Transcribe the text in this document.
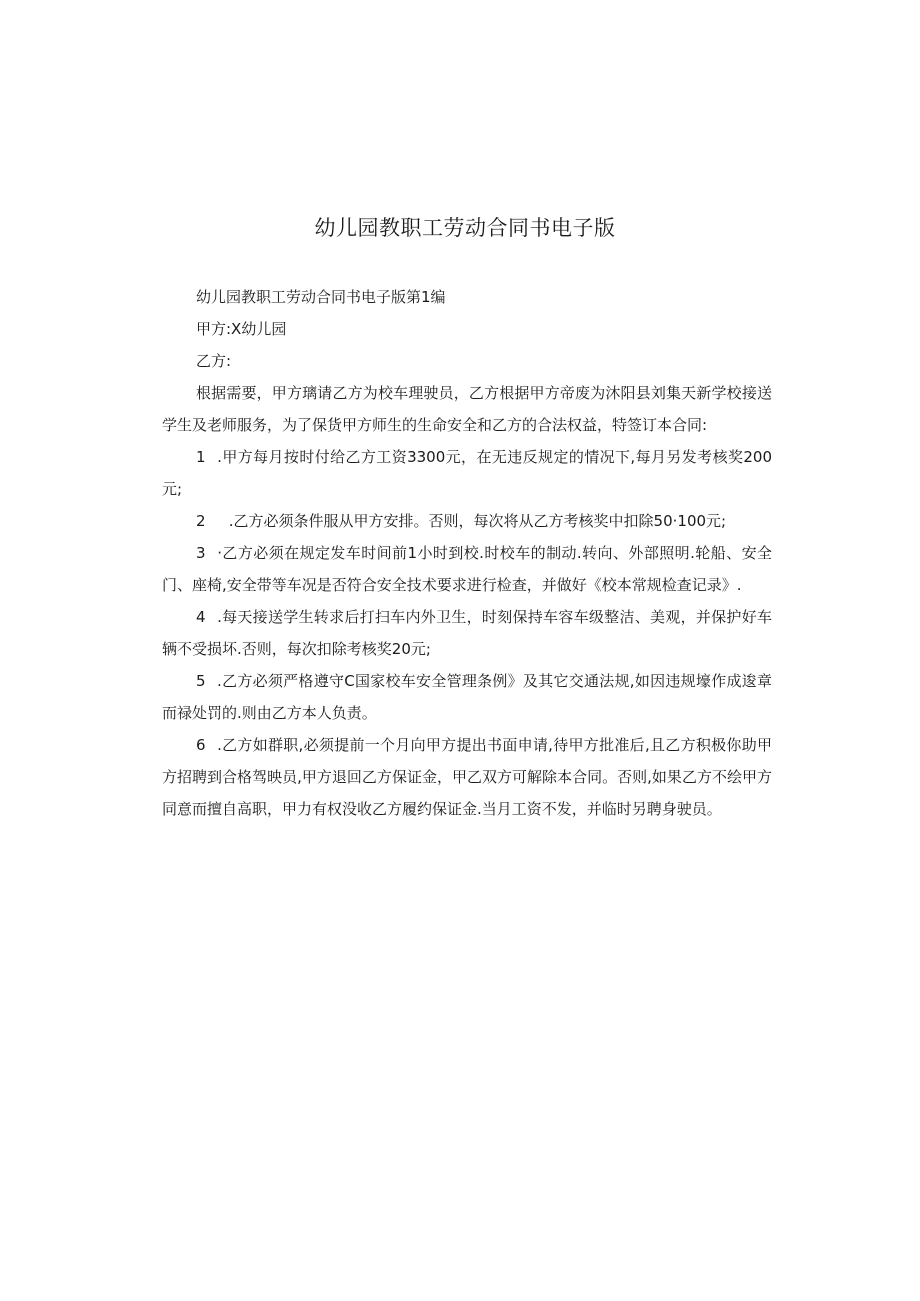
幼儿园教职工劳动合同书电子版

幼儿园教职工劳动合同书电子版第1编

甲方:X幼儿园

乙方:

根据需要，甲方璃请乙方为校车理驶员，乙方根据甲方帝废为沐阳县刘集天新学校接送学生及老师服务，为了保货甲方师生的生命安全和乙方的合法权益，特签订本合同:

1 .甲方每月按时付给乙方工资3300元，在无违反规定的情况下,每月另发考核奖200元;

2 .乙方必须条件服从甲方安排。否则，每次将从乙方考核奖中扣除50·100元;

3 ·乙方必须在规定发车时间前1小时到校.时校车的制动.转向、外部照明.轮船、安全门、座椅,安全带等车况是否符合安全技术要求进行检查，并做好《校本常规检查记录》.

4 .每天接送学生转求后打扫车内外卫生，时刻保持车容车级整洁、美观，并保护好车辆不受损坏.否则，每次扣除考核奖20元;

5 .乙方必须严格遵守C国家校车安全管理条例》及其它交通法规,如因违规壕作成逡章而禄处罚的.则由乙方本人负责。

6 .乙方如群职,必须提前一个月向甲方提出书面申请,待甲方批准后,且乙方积极你助甲方招聘到合格驾映员,甲方退回乙方保证金，甲乙双方可解除本合同。否则,如果乙方不绘甲方同意而擅自高职，甲力有权没收乙方履约保证金.当月工资不发，并临时另聘身驶员。
